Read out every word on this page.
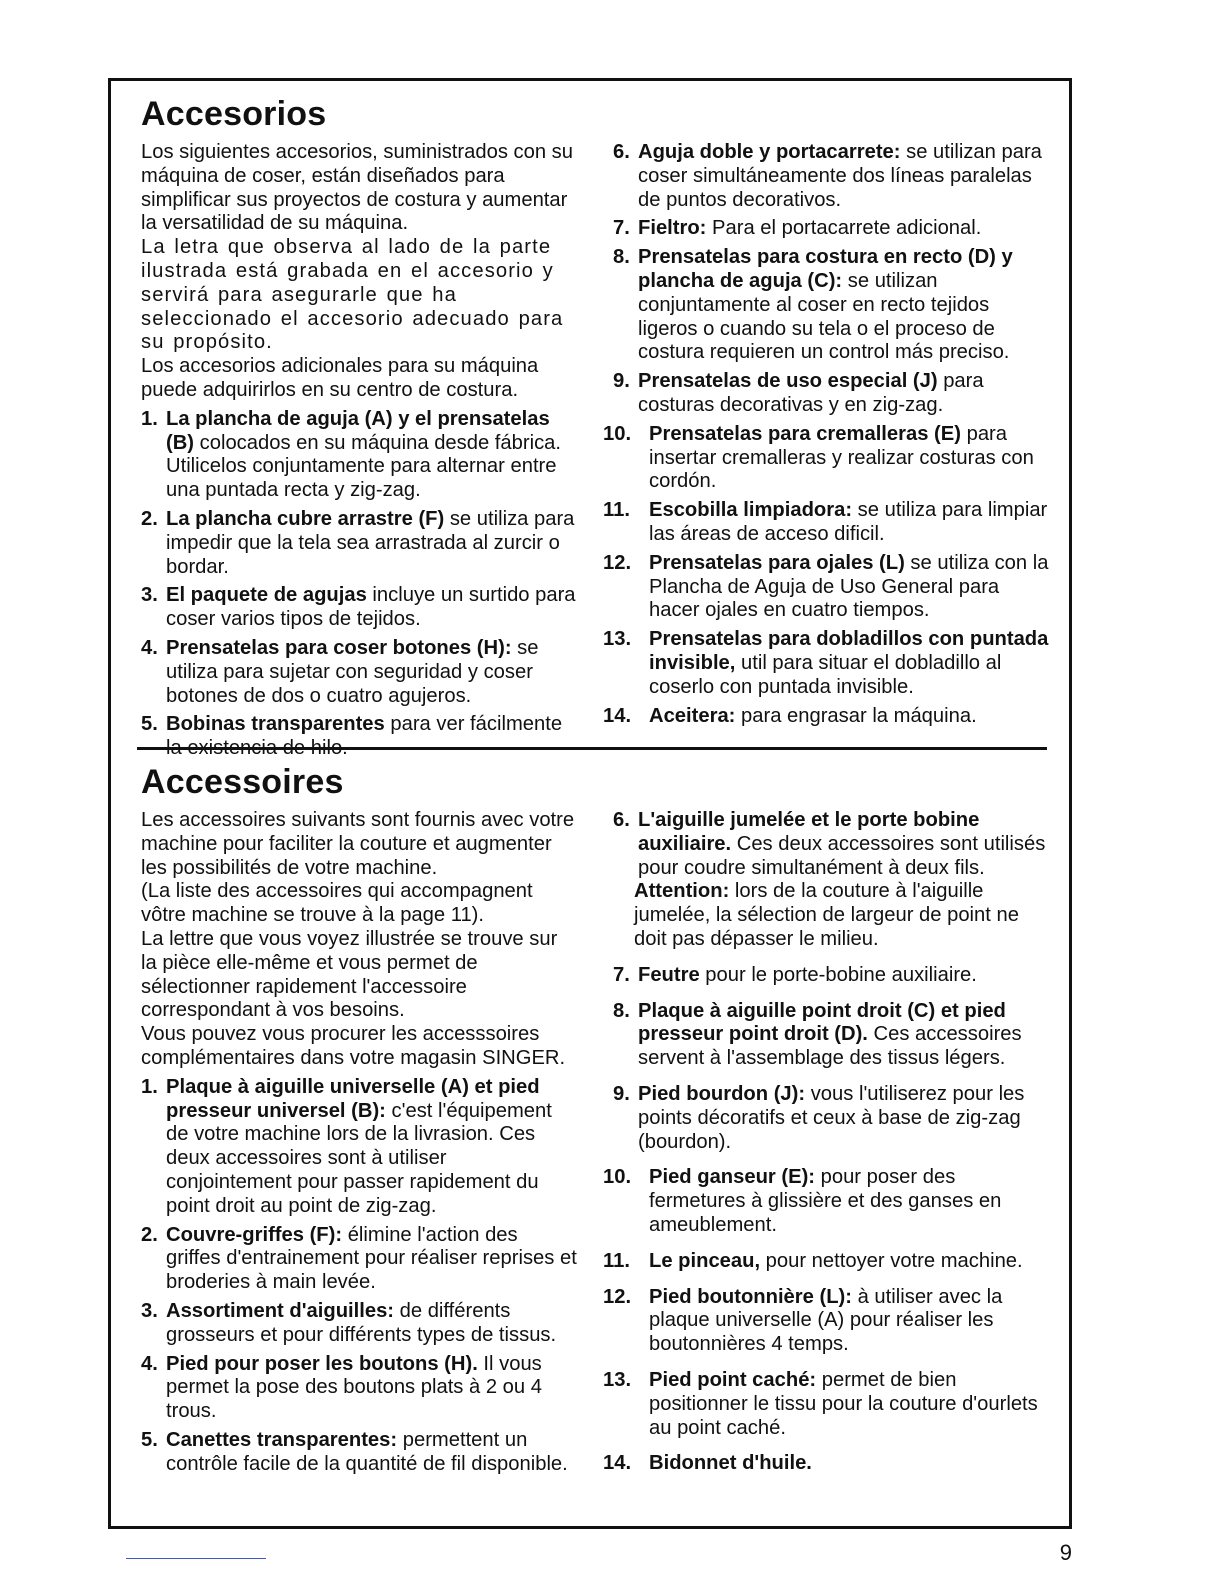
Accesorios

Los siguientes accesorios, suministrados con su máquina de coser, están diseñados para simplificar sus proyectos de costura y aumentar la versatilidad de su máquina.

La letra que observa al lado de la parte ilustrada está grabada en el accesorio y servirá para asegurarle que ha seleccionado el accesorio adecuado para su propósito.

Los accesorios adicionales para su máquina puede adquirirlos en su centro de costura.

1. La plancha de aguja (A) y el prensatelas (B) colocados en su máquina desde fábrica. Utilicelos conjuntamente para alternar entre una puntada recta y zig-zag.
2. La plancha cubre arrastre (F) se utiliza para impedir que la tela sea arrastrada al zurcir o bordar.
3. El paquete de agujas incluye un surtido para coser varios tipos de tejidos.
4. Prensatelas para coser botones (H): se utiliza para sujetar con seguridad y coser botones de dos o cuatro agujeros.
5. Bobinas transparentes para ver fácilmente la existencia de hilo.
6. Aguja doble y portacarrete: se utilizan para coser simultáneamente dos líneas paralelas de puntos decorativos.
7. Fieltro: Para el portacarrete adicional.
8. Prensatelas para costura en recto (D) y plancha de aguja (C): se utilizan conjuntamente al coser en recto tejidos ligeros o cuando su tela o el proceso de costura requieren un control más preciso.
9. Prensatelas de uso especial (J) para costuras decorativas y en zig-zag.
10. Prensatelas para cremalleras (E) para insertar cremalleras y realizar costuras con cordón.
11. Escobilla limpiadora: se utiliza para limpiar las áreas de acceso dificil.
12. Prensatelas para ojales (L) se utiliza con la Plancha de Aguja de Uso General para hacer ojales en cuatro tiempos.
13. Prensatelas para dobladillos con puntada invisible, util para situar el dobladillo al coserlo con puntada invisible.
14. Aceitera: para engrasar la máquina.
Accessoires

Les accessoires suivants sont fournis avec votre machine pour faciliter la couture et augmenter les possibilités de votre machine.

(La liste des accessoires qui accompagnent vôtre machine se trouve à la page 11).

La lettre que vous voyez illustrée se trouve sur la pièce elle-même et vous permet de sélectionner rapidement l'accessoire correspondant à vos besoins.

Vous pouvez vous procurer les accesssoires complémentaires dans votre magasin SINGER.

1. Plaque à aiguille universelle (A) et pied presseur universel (B): c'est l'équipement de votre machine lors de la livrasion. Ces deux accessoires sont à utiliser conjointement pour passer rapidement du point droit au point de zig-zag.
2. Couvre-griffes (F): élimine l'action des griffes d'entrainement pour réaliser reprises et broderies à main levée.
3. Assortiment d'aiguilles: de différents grosseurs et pour différents types de tissus.
4. Pied pour poser les boutons (H). Il vous permet la pose des boutons plats à 2 ou 4 trous.
5. Canettes transparentes: permettent un contrôle facile de la quantité de fil disponible.
6. L'aiguille jumelée et le porte bobine auxiliaire. Ces deux accessoires sont utilisés pour coudre simultanément à deux fils.
Attention: lors de la couture à l'aiguille jumelée, la sélection de largeur de point ne doit pas dépasser le milieu.
7. Feutre pour le porte-bobine auxiliaire.
8. Plaque à aiguille point droit (C) et pied presseur point droit (D). Ces accessoires servent à l'assemblage des tissus légers.
9. Pied bourdon (J): vous l'utiliserez pour les points décoratifs et ceux à base de zig-zag (bourdon).
10. Pied ganseur (E): pour poser des fermetures à glissière et des ganses en ameublement.
11. Le pinceau, pour nettoyer votre machine.
12. Pied boutonnière (L): à utiliser avec la plaque universelle (A) pour réaliser les boutonnières 4 temps.
13. Pied point caché: permet de bien positionner le tissu pour la couture d'ourlets au point caché.
14. Bidonnet d'huile.
9
